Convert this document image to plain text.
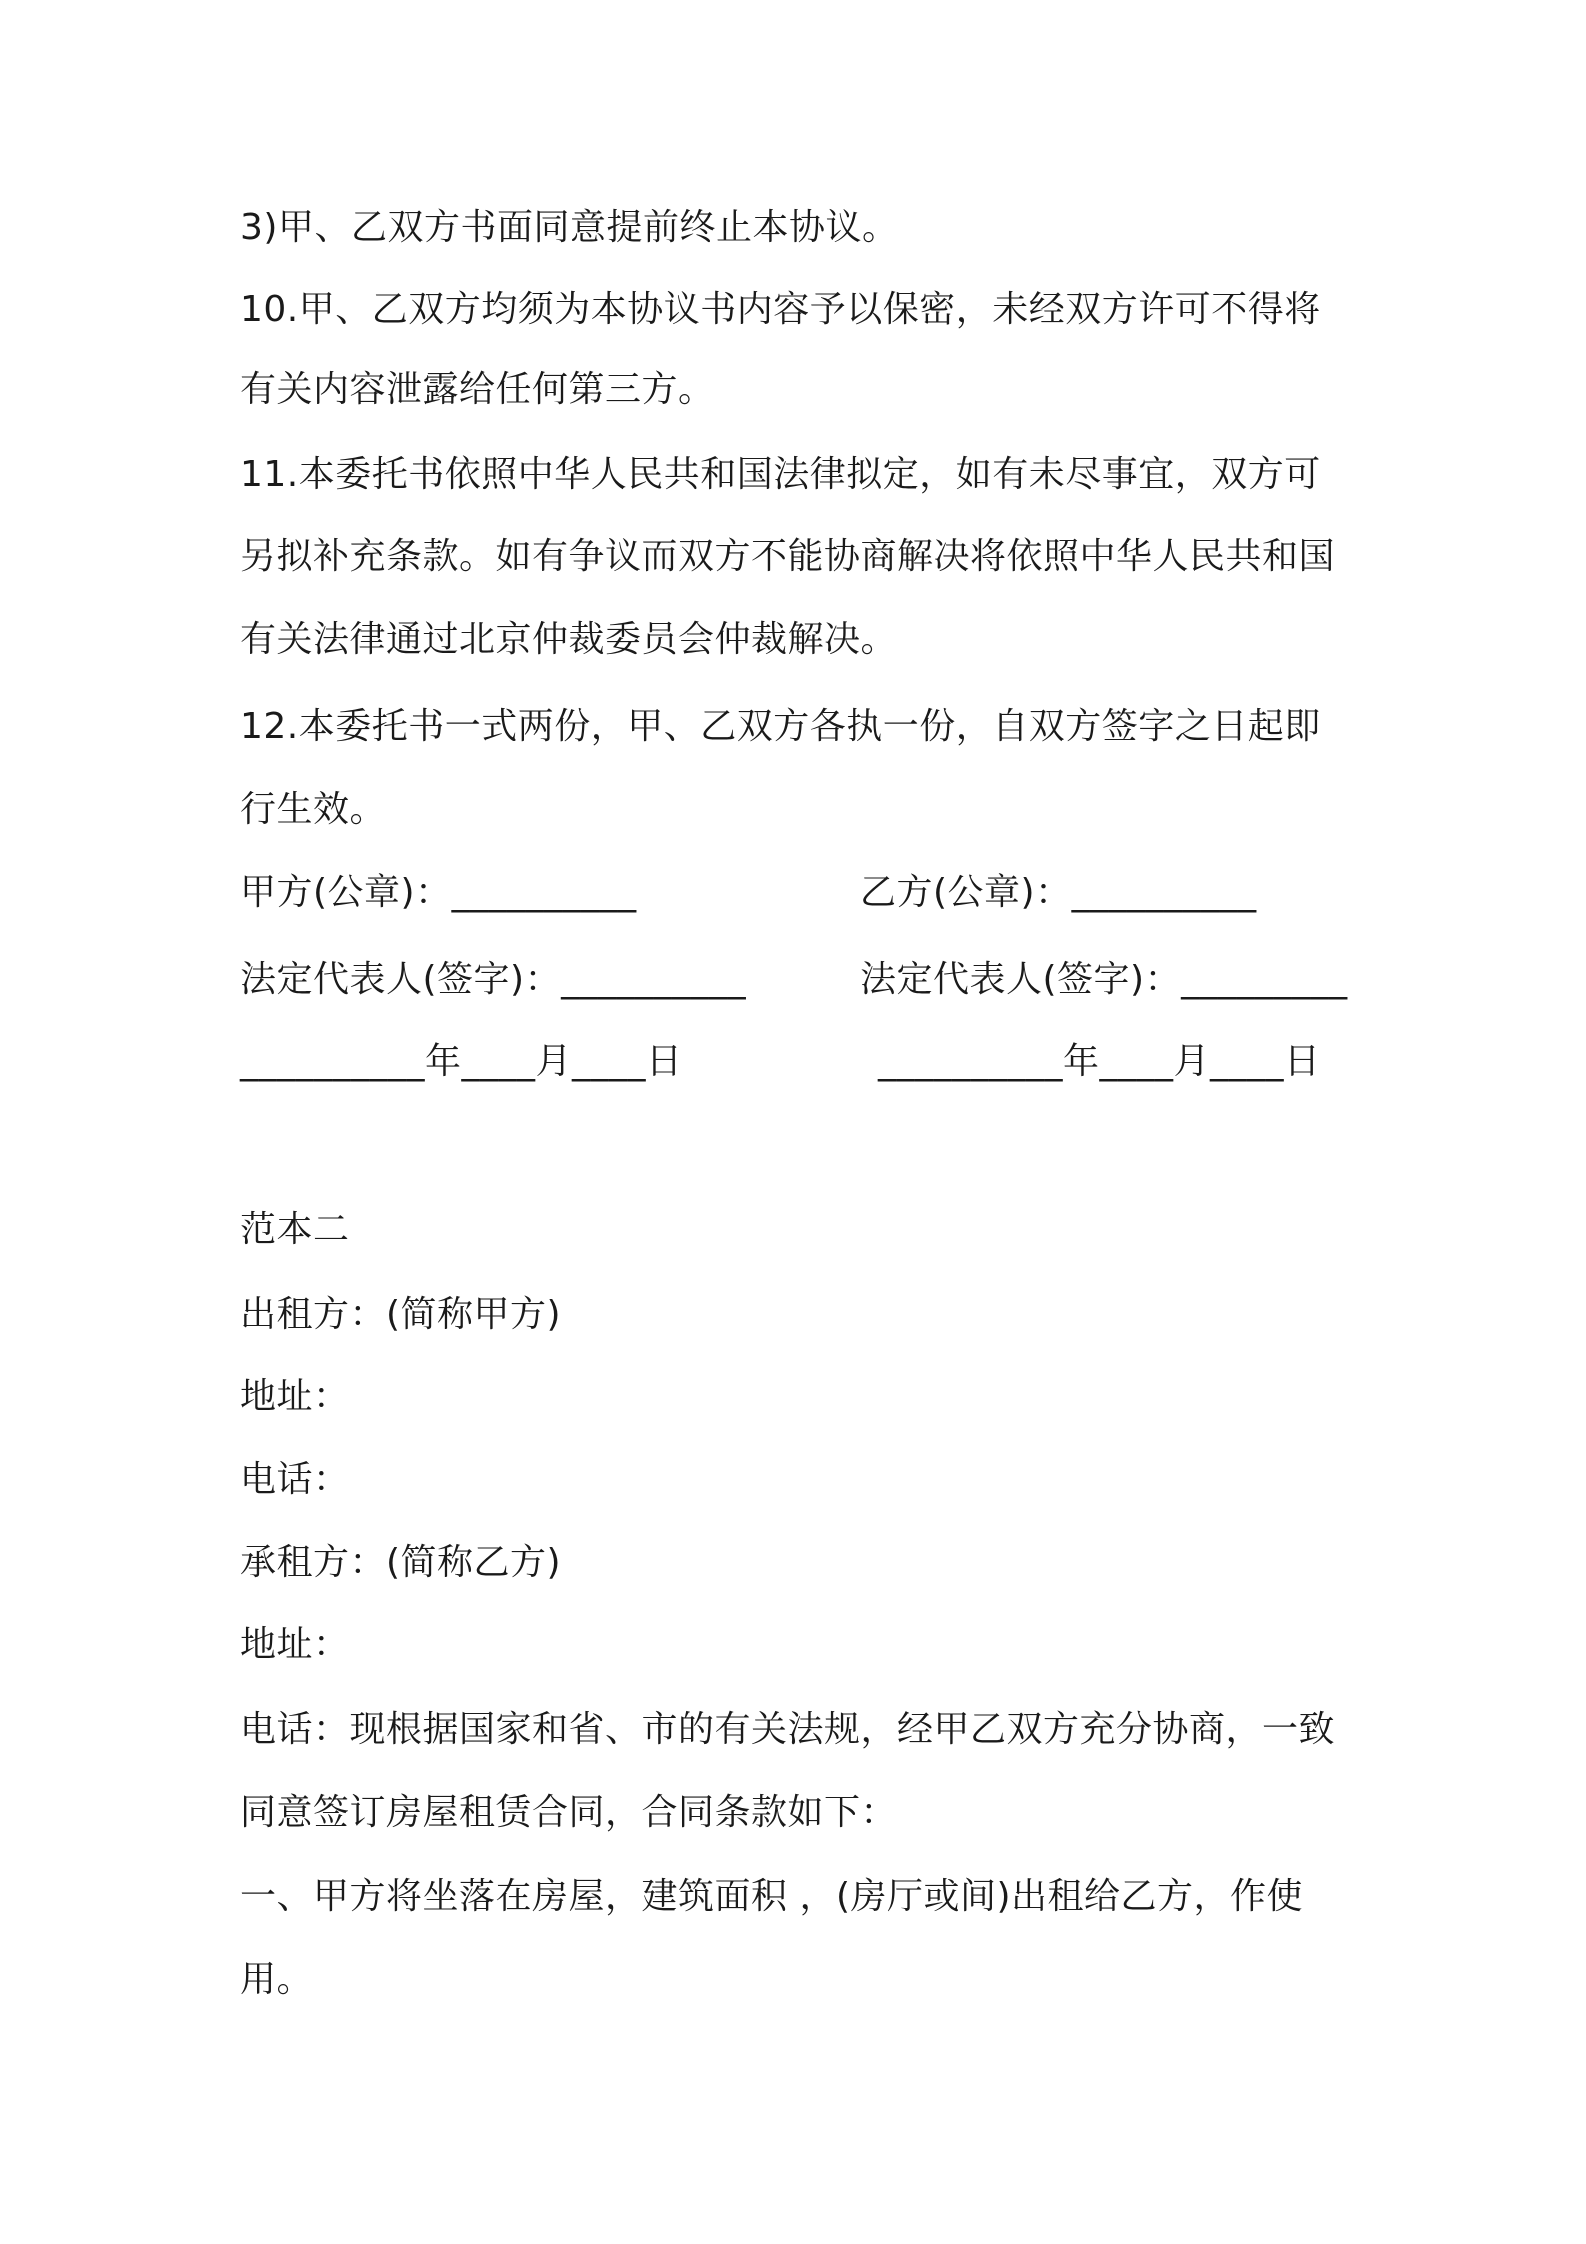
3)甲、乙双方书面同意提前终止本协议。
10.甲、乙双方均须为本协议书内容予以保密，未经双方许可不得将
有关内容泄露给任何第三方。
11.本委托书依照中华人民共和国法律拟定，如有未尽事宜，双方可
另拟补充条款。如有争议而双方不能协商解决将依照中华人民共和国
有关法律通过北京仲裁委员会仲裁解决。
12.本委托书一式两份，甲、乙双方各执一份，自双方签字之日起即
行生效。
甲方(公章)：__________	乙方(公章)：__________
法定代表人(签字)：__________	法定代表人(签字)：_________
__________年____月____日	__________年____月____日
范本二
出租方：(简称甲方)
地址：
电话：
承租方：(简称乙方)
地址：
电话：现根据国家和省、市的有关法规，经甲乙双方充分协商，一致
同意签订房屋租赁合同，合同条款如下：
一、甲方将坐落在房屋，建筑面积 ，(房厅或间)出租给乙方，作使
用。
